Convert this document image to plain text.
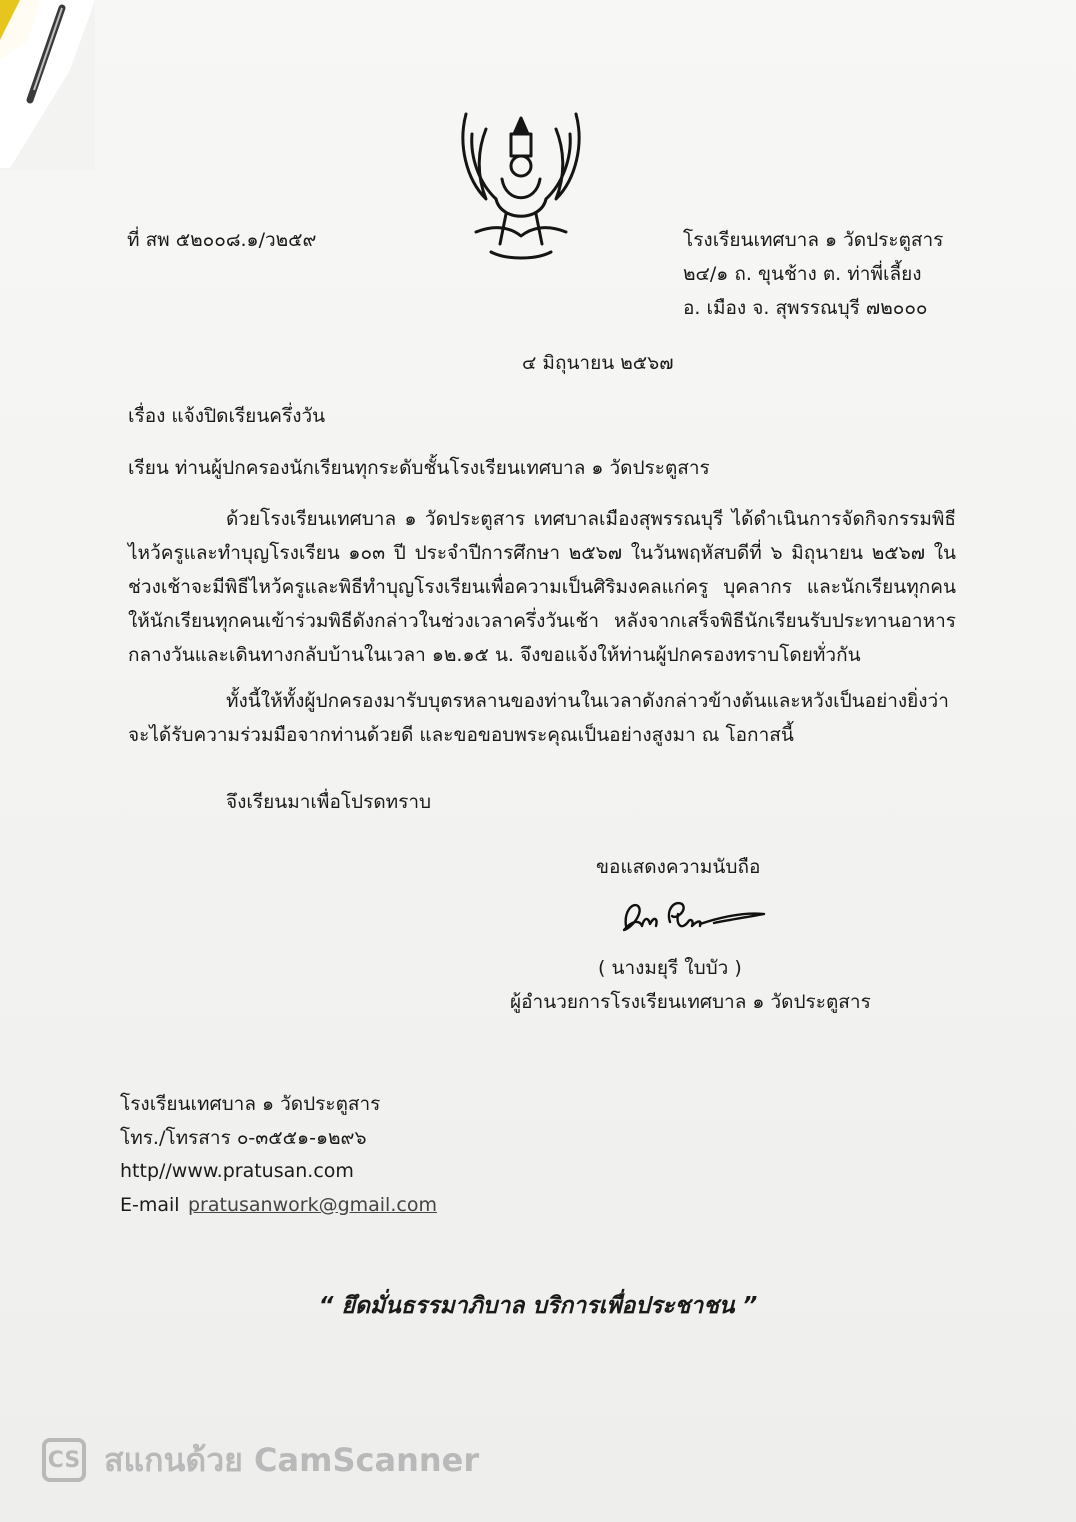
ที่ สพ ๕๒๐๐๘.๑/ว๒๕๙	โรงเรียนเทศบาล ๑ วัดประตูสาร
๒๔/๑ ถ. ขุนช้าง ต. ท่าพี่เลี้ยง
อ. เมือง จ. สุพรรณบุรี ๗๒๐๐๐
๔ มิถุนายน ๒๕๖๗
เรื่อง แจ้งปิดเรียนครึ่งวัน
เรียน ท่านผู้ปกครองนักเรียนทุกระดับชั้นโรงเรียนเทศบาล ๑ วัดประตูสาร
ด้วยโรงเรียนเทศบาล ๑ วัดประตูสาร เทศบาลเมืองสุพรรณบุรี ได้ดำเนินการจัดกิจกรรมพิธีไหว้ครูและทำบุญโรงเรียน ๑๐๓ ปี ประจำปีการศึกษา ๒๕๖๗ ในวันพฤหัสบดีที่ ๖ มิถุนายน ๒๕๖๗ ในช่วงเช้าจะมีพิธีไหว้ครูและพิธีทำบุญโรงเรียนเพื่อความเป็นศิริมงคลแก่ครู บุคลากร และนักเรียนทุกคนให้นักเรียนทุกคนเข้าร่วมพิธีดังกล่าวในช่วงเวลาครึ่งวันเช้า หลังจากเสร็จพิธีนักเรียนรับประทานอาหารกลางวันและเดินทางกลับบ้านในเวลา ๑๒.๑๕ น. จึงขอแจ้งให้ท่านผู้ปกครองทราบโดยทั่วกัน
ทั้งนี้ให้ทั้งผู้ปกครองมารับบุตรหลานของท่านในเวลาดังกล่าวข้างต้นและหวังเป็นอย่างยิ่งว่าจะได้รับความร่วมมือจากท่านด้วยดี และขอขอบพระคุณเป็นอย่างสูงมา ณ โอกาสนี้
จึงเรียนมาเพื่อโปรดทราบ
ขอแสดงความนับถือ
( นางมยุรี ใบบัว )
ผู้อำนวยการโรงเรียนเทศบาล ๑ วัดประตูสาร
โรงเรียนเทศบาล ๑ วัดประตูสาร
โทร./โทรสาร ๐-๓๕๕๑-๑๒๙๖
http//www.pratusan.com
E-mail pratusanwork@gmail.com
“ ยึดมั่นธรรมาภิบาล บริการเพื่อประชาชน ”
CS สแกนด้วย CamScanner
